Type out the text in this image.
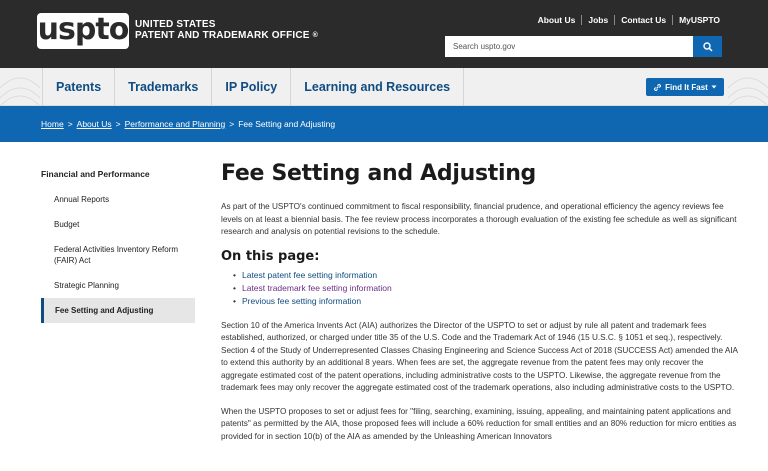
uspto UNITED STATES
PATENT AND TRADEMARK OFFICE ®
About Us Jobs Contact Us MyUSPTO
Search uspto.gov
Patents	Trademarks	IP Policy	Learning and Resources	Find It Fast
Home > About Us > Performance and Planning > Fee Setting and Adjusting
Financial and Performance
Annual Reports
Budget
Federal Activities Inventory Reform (FAIR) Act
Strategic Planning
Fee Setting and Adjusting
Fee Setting and Adjusting

As part of the USPTO's continued commitment to fiscal responsibility, financial prudence, and operational efficiency the agency reviews fee levels on at least a biennial basis. The fee review process incorporates a thorough evaluation of the existing fee schedule as well as significant research and analysis on potential revisions to the schedule.

On this page:
• Latest patent fee setting information
• Latest trademark fee setting information
• Previous fee setting information

Section 10 of the America Invents Act (AIA) authorizes the Director of the USPTO to set or adjust by rule all patent and trademark fees established, authorized, or charged under title 35 of the U.S. Code and the Trademark Act of 1946 (15 U.S.C. § 1051 et seq.), respectively. Section 4 of the Study of Underrepresented Classes Chasing Engineering and Science Success Act of 2018 (SUCCESS Act) amended the AIA to extend this authority by an additional 8 years. When fees are set, the aggregate revenue from the patent fees may only recover the aggregate estimated cost of the patent operations, including administrative costs to the USPTO. Likewise, the aggregate revenue from the trademark fees may only recover the aggregate estimated cost of the trademark operations, also including administrative costs to the USPTO.

When the USPTO proposes to set or adjust fees for "filing, searching, examining, issuing, appealing, and maintaining patent applications and patents" as permitted by the AIA, those proposed fees will include a 60% reduction for small entities and an 80% reduction for micro entities as provided for in section 10(b) of the AIA as amended by the Unleashing American Innovators
